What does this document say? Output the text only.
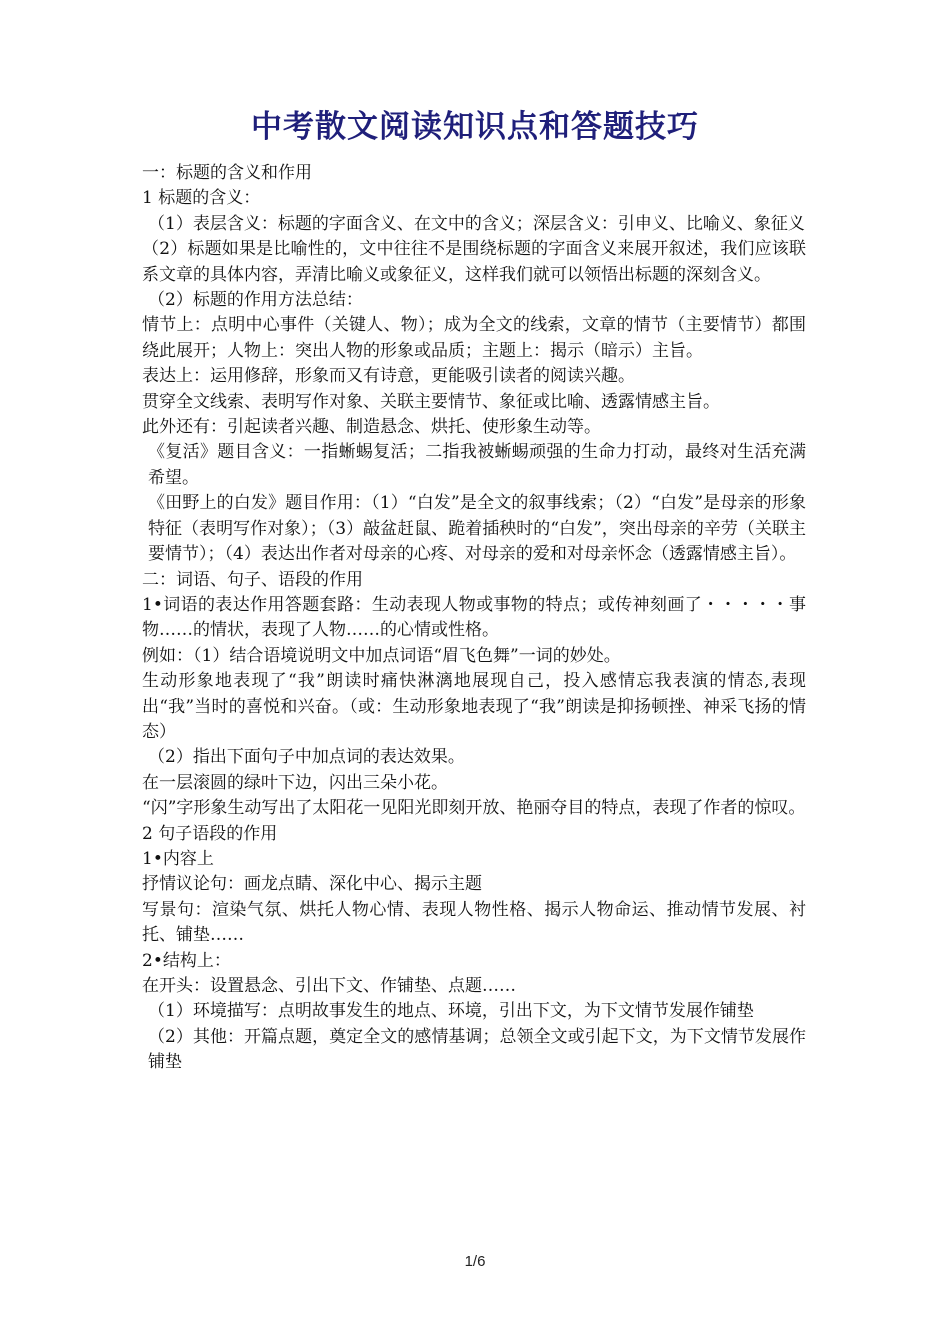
中考散文阅读知识点和答题技巧

一：标题的含义和作用

1 标题的含义：

（1）表层含义：标题的字面含义、在文中的含义；深层含义：引申义、比喻义、象征义

（2）标题如果是比喻性的，文中往往不是围绕标题的字面含义来展开叙述，我们应该联系文章的具体内容，弄清比喻义或象征义，这样我们就可以领悟出标题的深刻含义。

（2）标题的作用方法总结：

情节上：点明中心事件（关键人、物）；成为全文的线索，文章的情节（主要情节）都围绕此展开；人物上：突出人物的形象或品质；主题上：揭示（暗示）主旨。

表达上：运用修辞，形象而又有诗意，更能吸引读者的阅读兴趣。

贯穿全文线索、表明写作对象、关联主要情节、象征或比喻、透露情感主旨。

此外还有：引起读者兴趣、制造悬念、烘托、使形象生动等。

《复活》题目含义：一指蜥蜴复活；二指我被蜥蜴顽强的生命力打动，最终对生活充满希望。

《田野上的白发》题目作用：（1）“白发”是全文的叙事线索；（2）“白发”是母亲的形象特征（表明写作对象）；（3）敲盆赶鼠、跪着插秧时的“白发”，突出母亲的辛劳（关联主要情节）；（4）表达出作者对母亲的心疼、对母亲的爱和对母亲怀念（透露情感主旨）。

二：词语、句子、语段的作用

1•词语的表达作用答题套路：生动表现人物或事物的特点；或传神刻画了・・・・・事物……的情状，表现了人物……的心情或性格。

例如：（1）结合语境说明文中加点词语“眉飞色舞”一词的妙处。

生动形象地表现了“我”朗读时痛快淋漓地展现自己，投入感情忘我表演的情态,表现出“我”当时的喜悦和兴奋。（或：生动形象地表现了“我”朗读是抑扬顿挫、神采飞扬的情态）

（2）指出下面句子中加点词的表达效果。

在一层滚圆的绿叶下边，闪出三朵小花。

“闪”字形象生动写出了太阳花一见阳光即刻开放、艳丽夺目的特点，表现了作者的惊叹。

2 句子语段的作用

1•内容上

抒情议论句：画龙点睛、深化中心、揭示主题

写景句：渲染气氛、烘托人物心情、表现人物性格、揭示人物命运、推动情节发展、衬托、铺垫……

2•结构上：

在开头：设置悬念、引出下文、作铺垫、点题……

（1）环境描写：点明故事发生的地点、环境，引出下文，为下文情节发展作铺垫

（2）其他：开篇点题，奠定全文的感情基调；总领全文或引起下文，为下文情节发展作铺垫

1/6
